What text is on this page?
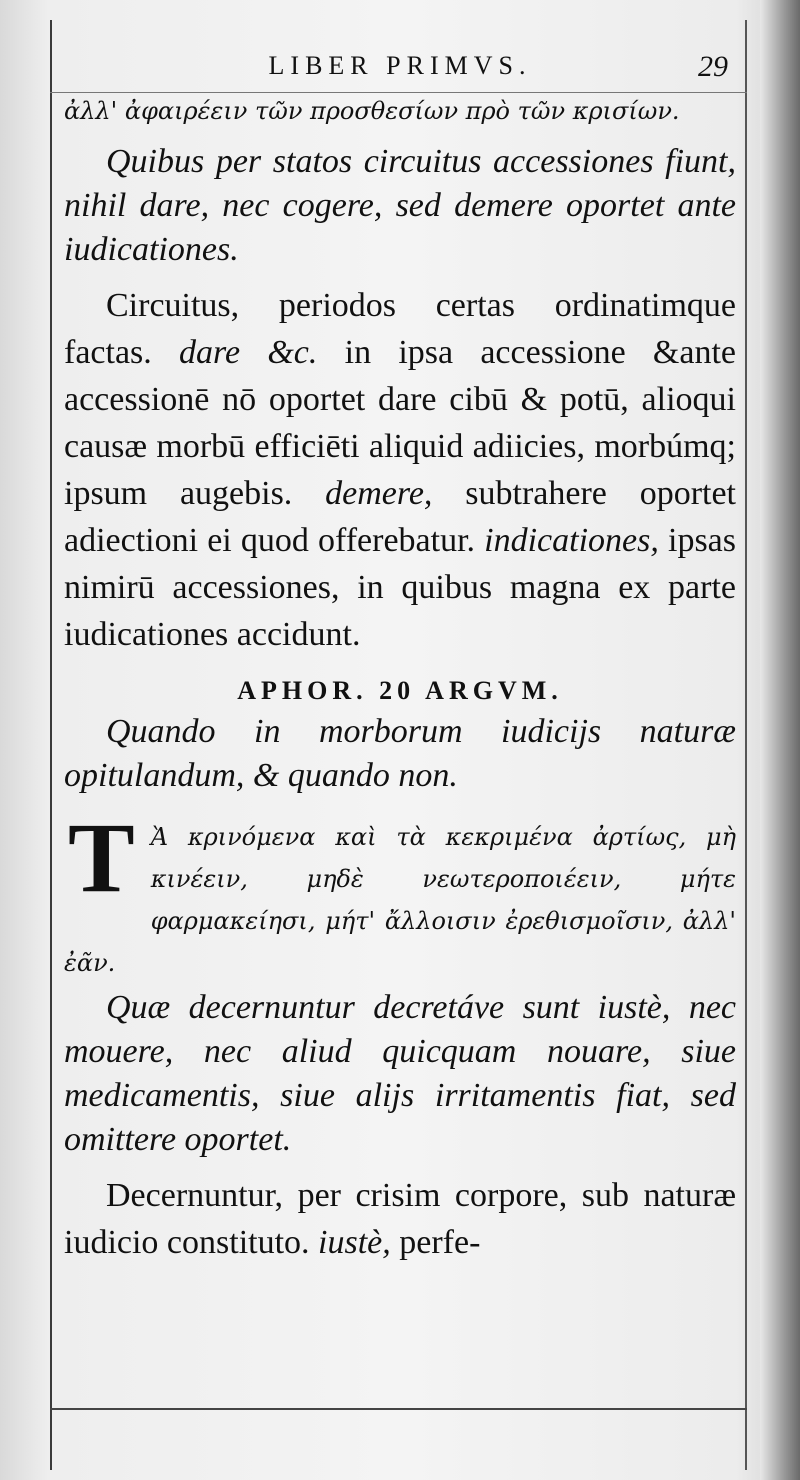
LIBER PRIMVS.	29
ἀλλ' ἀφαιρέειν τῶν προσθεσίων πρὸ τῶν κρισίων.
Quibus per statos circuitus accessiones fiunt, nihil dare, nec cogere, sed demere oportet ante iudicationes.
Circuitus, periodos certas ordinatimque factas. dare &c. in ipsa accessione &ante accessionē nō oportet dare cibū & potū, alioqui causæ morbū efficiēti aliquid adiicies, morbúmq; ipsum augebis. demere, subtrahere oportet adiectioni ei quod offerebatur. indicationes, ipsas nimirū accessiones, in quibus magna ex parte iudicationes accidunt.
APHOR. 20 ARGVM.
Quando in morborum iudicijs naturæ opitulandum, & quando non.
T Ὰ κρινόμενα καὶ τὰ κεκριμένα ἀρτίως, μὴ κινέειν, μηδὲ νεωτεροποιέειν, μήτε φαρμακείησι, μήτ' ἄλλοισιν ἐρεθισμοῖσιν, ἀλλ' ἐᾶν.
Quæ decernuntur decretáve sunt iustè, nec mouere, nec aliud quicquam nouare, siue medicamentis, siue alijs irritamentis fiat, sed omittere oportet.
Decernuntur, per crisim corpore, sub naturæ iudicio constituto. iustè, perfe-
